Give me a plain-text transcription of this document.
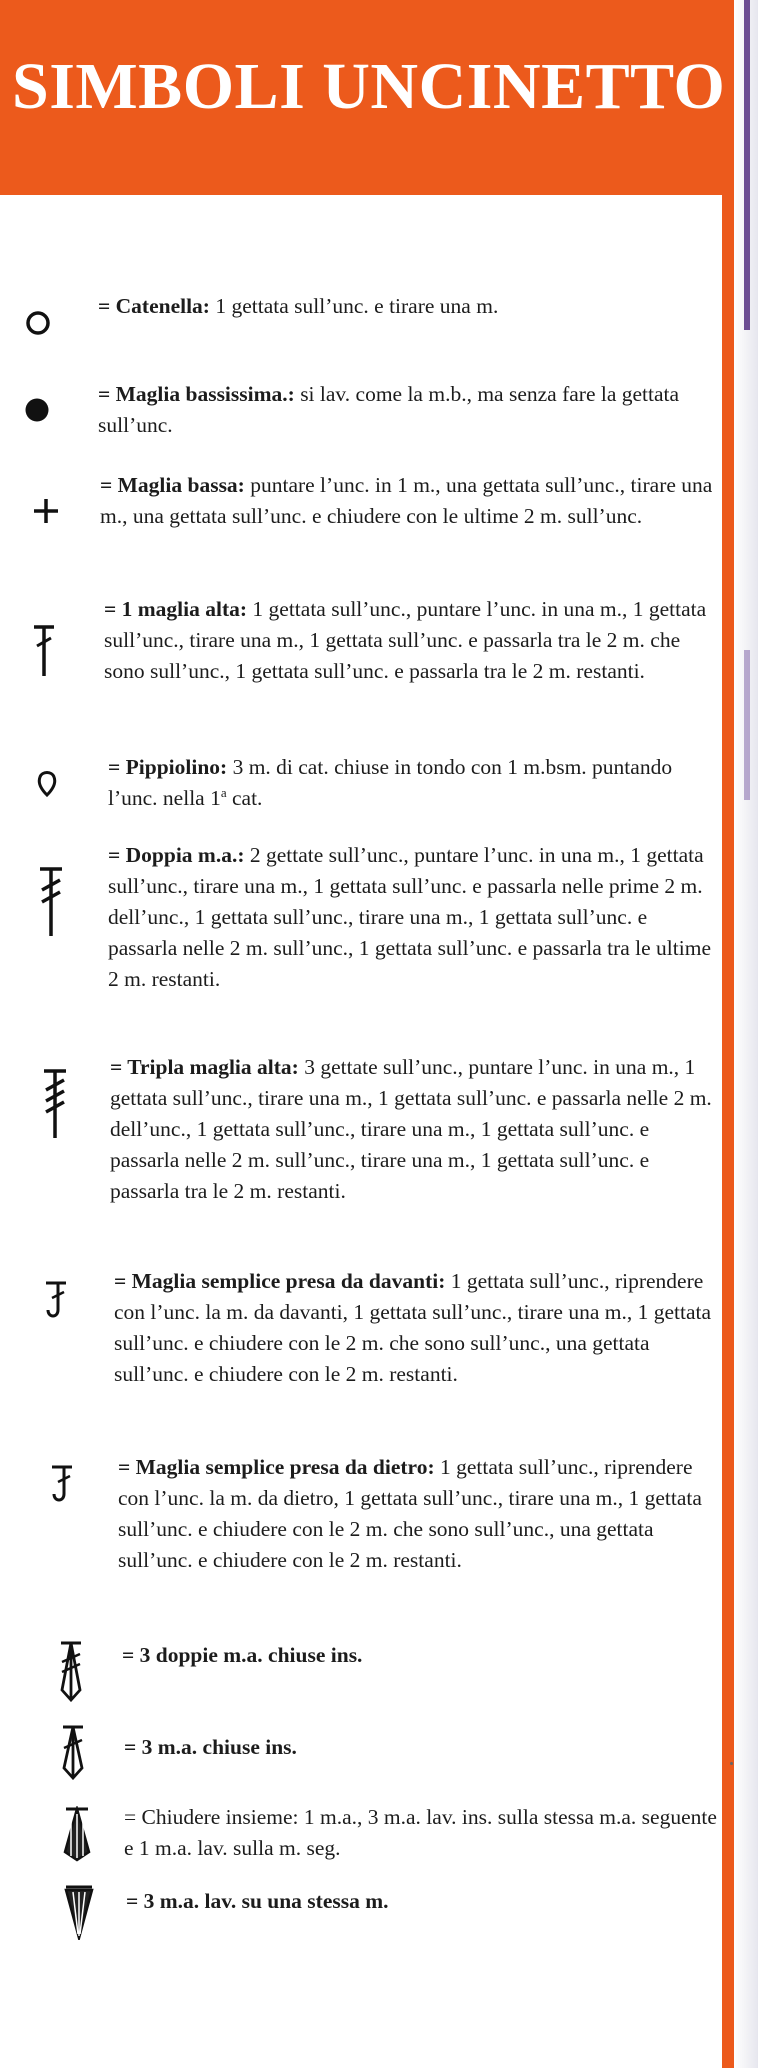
SIMBOLI UNCINETTO
= Catenella: 1 gettata sull’unc. e tirare una m.
= Maglia bassissima.: si lav. come la m.b., ma senza fare la gettata sull’unc.
= Maglia bassa: puntare l’unc. in 1 m., una gettata sull’unc., tirare una m., una gettata sull’unc. e chiudere con le ultime 2 m. sull’unc.
= 1 maglia alta: 1 gettata sull’unc., puntare l’unc. in una m., 1 gettata sull’unc., tirare una m., 1 gettata sull’unc. e passarla tra le 2 m. che sono sull’unc., 1 gettata sull’unc. e passarla tra le 2 m. restanti.
= Pippiolino: 3 m. di cat. chiuse in tondo con 1 m.bsm. puntando l’unc. nella 1$^a$ cat.
= Doppia m.a.: 2 gettate sull’unc., puntare l’unc. in una m., 1 gettata sull’unc., tirare una m., 1 gettata sull’unc. e passarla nelle prime 2 m. dell’unc., 1 gettata sull’unc., tirare una m., 1 gettata sull’unc. e passarla nelle 2 m. sull’unc., 1 gettata sull’unc. e passarla tra le ultime 2 m. restanti.
= Tripla maglia alta: 3 gettate sull’unc., puntare l’unc. in una m., 1 gettata sull’unc., tirare una m., 1 gettata sull’unc. e passarla nelle 2 m. dell’unc., 1 gettata sull’unc., tirare una m., 1 gettata sull’unc. e passarla nelle 2 m. sull’unc., tirare una m., 1 gettata sull’unc. e passarla tra le 2 m. restanti.
= Maglia semplice presa da davanti: 1 gettata sull’unc., riprendere con l’unc. la m. da davanti, 1 gettata sull’unc., tirare una m., 1 gettata sull’unc. e chiudere con le 2 m. che sono sull’unc., una gettata sull’unc. e chiudere con le 2 m. restanti.
= Maglia semplice presa da dietro: 1 gettata sull’unc., riprendere con l’unc. la m. da dietro, 1 gettata sull’unc., tirare una m., 1 gettata sull’unc. e chiudere con le 2 m. che sono sull’unc., una gettata sull’unc. e chiudere con le 2 m. restanti.
= 3 doppie m.a. chiuse ins.
= 3 m.a. chiuse ins.
= Chiudere insieme: 1 m.a., 3 m.a. lav. ins. sulla stessa m.a. seguente e 1 m.a. lav. sulla m. seg.
= 3 m.a. lav. su una stessa m.
